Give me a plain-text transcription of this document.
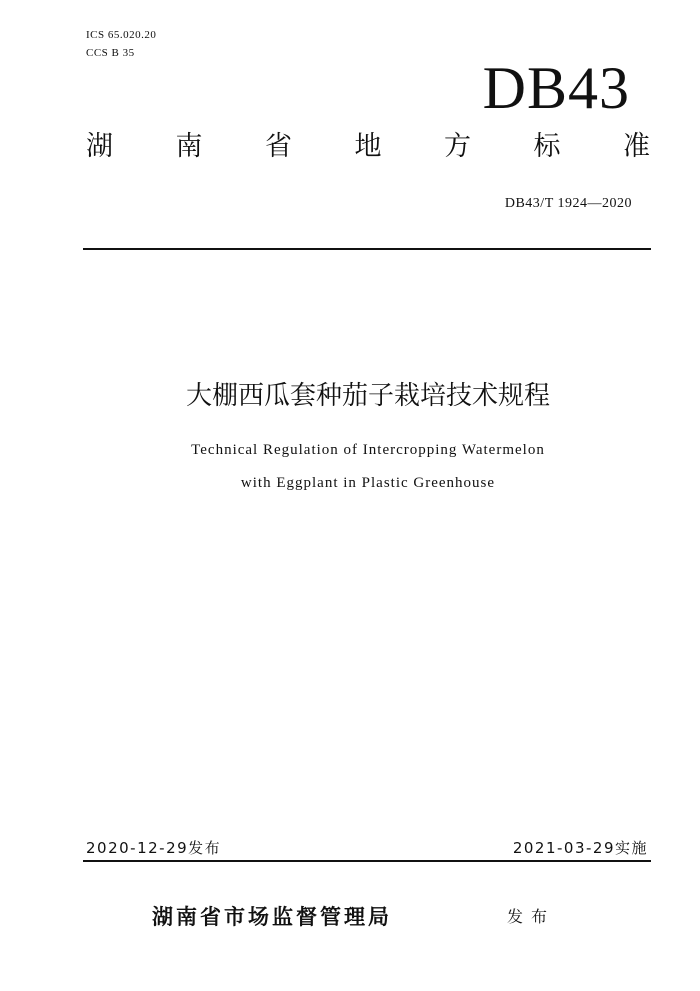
ICS 65.020.20
CCS B 35
DB43
湖 南 省 地 方 标 准
DB43/T 1924—2020
大棚西瓜套种茄子栽培技术规程
Technical Regulation of Intercropping Watermelon
with Eggplant in Plastic Greenhouse
2020-12-29发布	2021-03-29实施
湖南省市场监督管理局	发布
